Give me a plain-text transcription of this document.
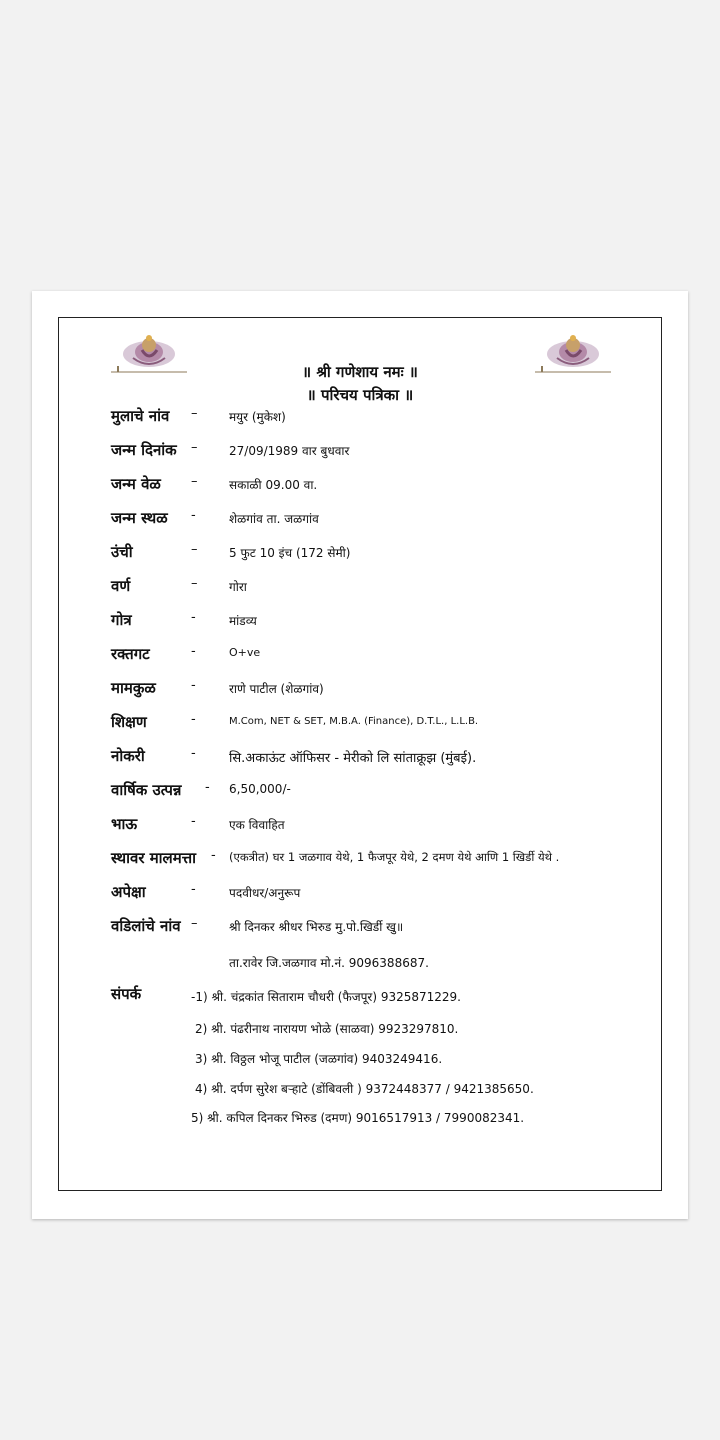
॥ श्री गणेशाय नमः ॥
॥ परिचय पत्रिका ॥
मुलाचे नांव –	मयुर (मुकेश)
जन्म दिनांक –	27/09/1989 वार बुधवार
जन्म वेळ –	सकाळी 09.00 वा.
जन्म स्थळ -	शेळगांव ता. जळगांव
उंची	–	5 फुट 10 इंच (172 सेमी)
वर्ण	–	गोरा
गोत्र	-	मांडव्य
रक्तगट	-	O+ve
मामकुळ	-	राणे पाटील (शेळगांव)
शिक्षण	-	M.Com, NET & SET, M.B.A. (Finance), D.T.L., L.L.B.
नोकरी	-	सि.अकाऊंट ऑफिसर - मेरीको लि सांताक्रूझ (मुंबई).
वार्षिक उत्पन्न - 6,50,000/-
भाऊ	-	एक विवाहित
स्थावर मालमत्ता - (एकत्रीत) घर 1 जळगाव येथे, 1 फैजपूर येथे, 2 दमण येथे आणि 1 खिर्डी येथे .
अपेक्षा	-	पदवीधर/अनुरूप
वडिलांचे नांव –	श्री दिनकर श्रीधर भिरुड मु.पो.खिर्डी खु॥
ता.रावेर जि.जळगाव मो.नं. 9096388687.
संपर्क	-1) श्री. चंद्रकांत सिताराम चौधरी (फैजपूर) 9325871229.
2) श्री. पंढरीनाथ नारायण भोळे (साळवा) 9923297810.
3) श्री. विठ्ठल भोजू पाटील (जळगांव) 9403249416.
4) श्री. दर्पण सुरेश बऱ्हाटे (डोंबिवली ) 9372448377 / 9421385650.
5) श्री. कपिल दिनकर भिरुड (दमण) 9016517913 / 7990082341.
